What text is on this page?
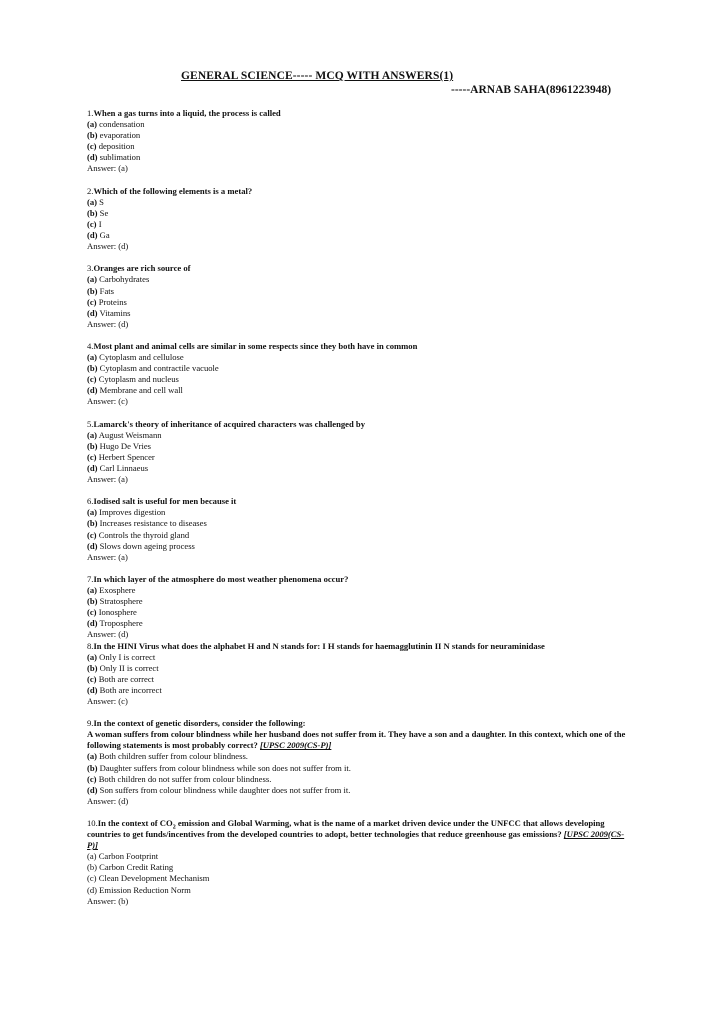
GENERAL SCIENCE----- MCQ WITH ANSWERS(1)
-----ARNAB SAHA(8961223948)
1.When a gas turns into a liquid, the process is called
(a) condensation
(b) evaporation
(c) deposition
(d) sublimation
Answer: (a)
2.Which of the following elements is a metal?
(a) S
(b) Se
(c) I
(d) Ga
Answer: (d)
3.Oranges are rich source of
(a) Carbohydrates
(b) Fats
(c) Proteins
(d) Vitamins
Answer: (d)
4.Most plant and animal cells are similar in some respects since they both have in common
(a) Cytoplasm and cellulose
(b) Cytoplasm and contractile vacuole
(c) Cytoplasm and nucleus
(d) Membrane and cell wall
Answer: (c)
5.Lamarck's theory of inheritance of acquired characters was challenged by
(a) August Weismann
(b) Hugo De Vries
(c) Herbert Spencer
(d) Carl Linnaeus
Answer: (a)
6.Iodised salt is useful for men because it
(a) Improves digestion
(b) Increases resistance to diseases
(c) Controls the thyroid gland
(d) Slows down ageing process
Answer: (a)
7.In which layer of the atmosphere do most weather phenomena occur?
(a) Exosphere
(b) Stratosphere
(c) Ionosphere
(d) Troposphere
Answer: (d)
8.In the HINI Virus what does the alphabet H and N stands for: I H stands for haemagglutinin II N stands for neuraminidase
(a) Only I is correct
(b) Only II is correct
(c) Both are correct
(d) Both are incorrect
Answer: (c)
9.In the context of genetic disorders, consider the following:
A woman suffers from colour blindness while her husband does not suffer from it. They have a son and a daughter. In this context, which one of the following statements is most probably correct? [UPSC 2009(CS-P)]
(a) Both children suffer from colour blindness.
(b) Daughter suffers from colour blindness while son does not suffer from it.
(c) Both children do not suffer from colour blindness.
(d) Son suffers from colour blindness while daughter does not suffer from it.
Answer: (d)
10.In the context of $CO_2$ emission and Global Warming, what is the name of a market driven device under the UNFCC that allows developing countries to get funds/incentives from the developed countries to adopt, better technologies that reduce greenhouse gas emissions? [UPSC 2009(CS-P)]
(a) Carbon Footprint
(b) Carbon Credit Rating
(c) Clean Development Mechanism
(d) Emission Reduction Norm
Answer: (b)
